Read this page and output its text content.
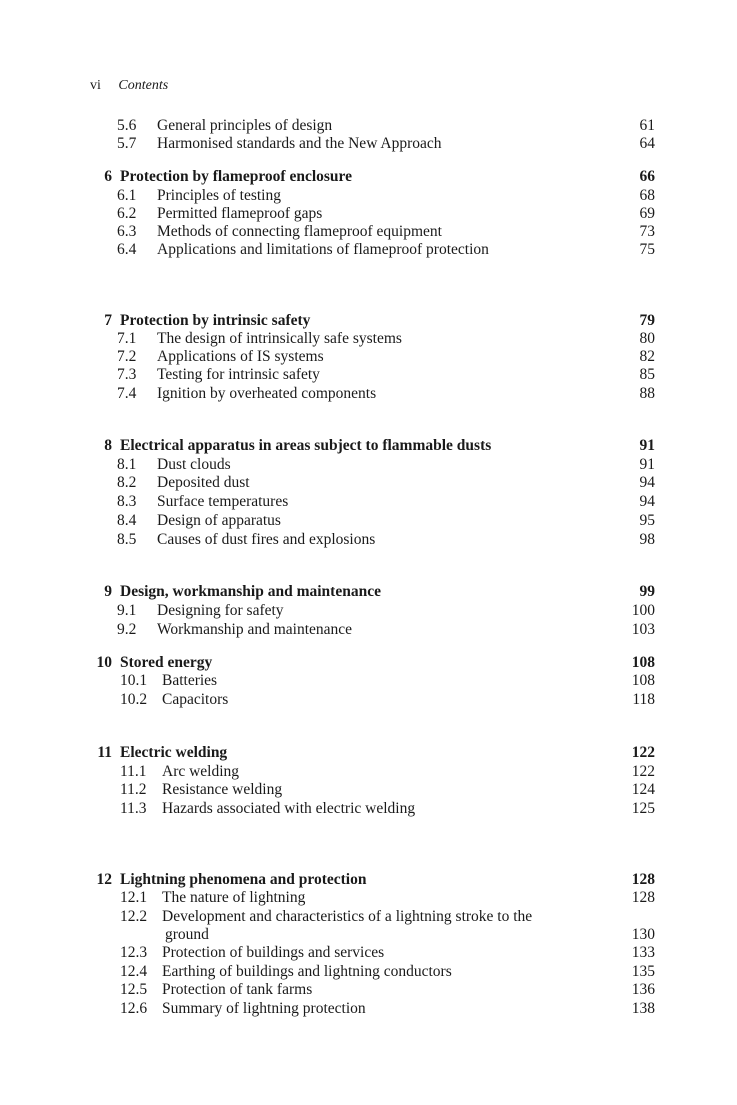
vi Contents
5.6 General principles of design	61
5.7 Harmonised standards and the New Approach	64
6 Protection by flameproof enclosure	66
6.1 Principles of testing	68
6.2 Permitted flameproof gaps	69
6.3 Methods of connecting flameproof equipment	73
6.4 Applications and limitations of flameproof protection	75
7 Protection by intrinsic safety	79
7.1 The design of intrinsically safe systems	80
7.2 Applications of IS systems	82
7.3 Testing for intrinsic safety	85
7.4 Ignition by overheated components	88
8 Electrical apparatus in areas subject to flammable dusts	91
8.1 Dust clouds	91
8.2 Deposited dust	94
8.3 Surface temperatures	94
8.4 Design of apparatus	95
8.5 Causes of dust fires and explosions	98
9 Design, workmanship and maintenance	99
9.1 Designing for safety	100
9.2 Workmanship and maintenance	103
10 Stored energy	108
10.1 Batteries	108
10.2 Capacitors	118
11 Electric welding	122
11.1 Arc welding	122
11.2 Resistance welding	124
11.3 Hazards associated with electric welding	125
12 Lightning phenomena and protection	128
12.1 The nature of lightning	128
12.2 Development and characteristics of a lightning stroke to the
ground	130
12.3 Protection of buildings and services	133
12.4 Earthing of buildings and lightning conductors	135
12.5 Protection of tank farms	136
12.6 Summary of lightning protection	138
